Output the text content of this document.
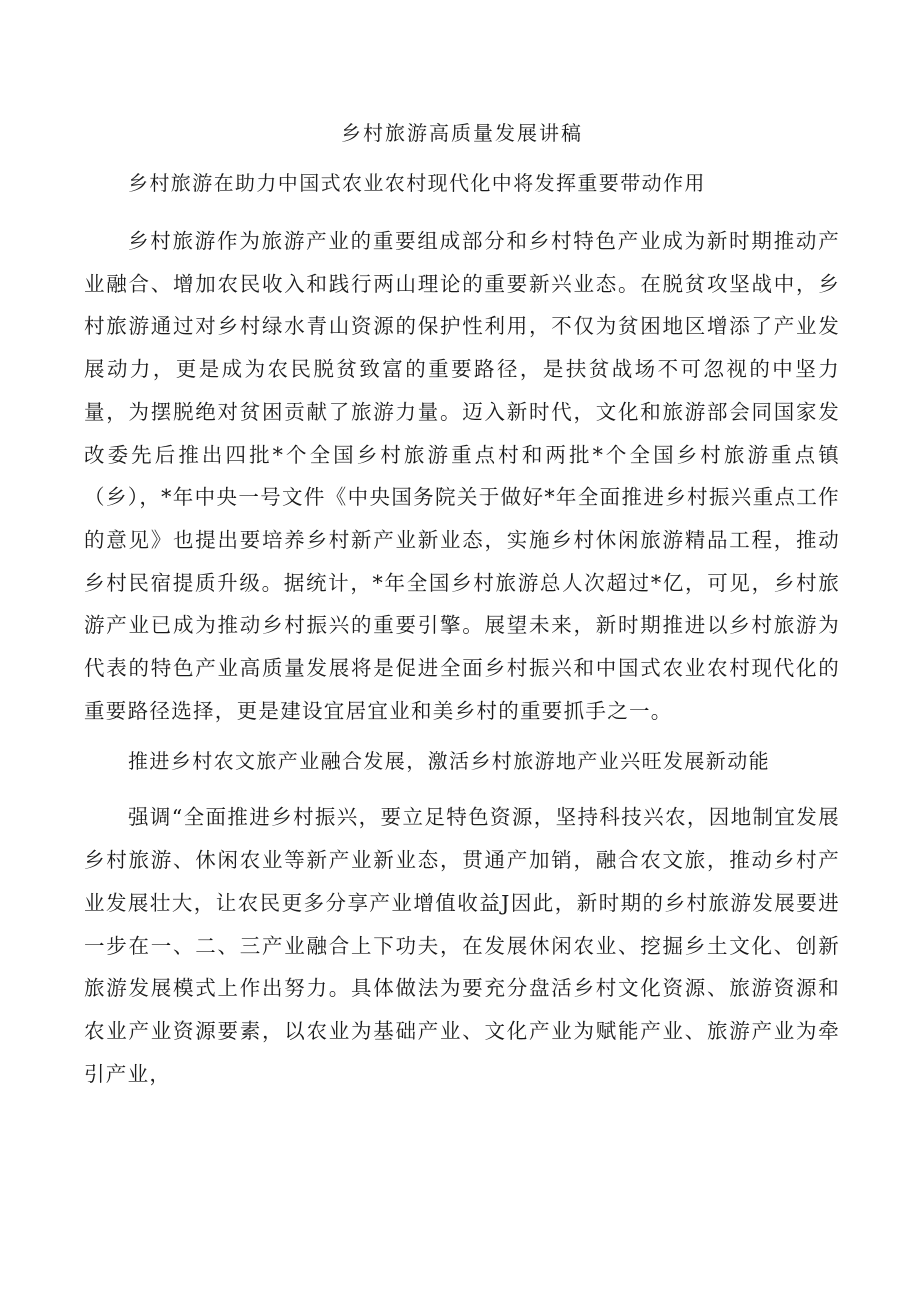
乡村旅游高质量发展讲稿
乡村旅游在助力中国式农业农村现代化中将发挥重要带动作用

乡村旅游作为旅游产业的重要组成部分和乡村特色产业成为新时期推动产业融合、增加农民收入和践行两山理论的重要新兴业态。在脱贫攻坚战中，乡村旅游通过对乡村绿水青山资源的保护性利用，不仅为贫困地区增添了产业发展动力，更是成为农民脱贫致富的重要路径，是扶贫战场不可忽视的中坚力量，为摆脱绝对贫困贡献了旅游力量。迈入新时代，文化和旅游部会同国家发改委先后推出四批*个全国乡村旅游重点村和两批*个全国乡村旅游重点镇（乡），*年中央一号文件《中央国务院关于做好*年全面推进乡村振兴重点工作的意见》也提出要培养乡村新产业新业态，实施乡村休闲旅游精品工程，推动乡村民宿提质升级。据统计，*年全国乡村旅游总人次超过*亿，可见，乡村旅游产业已成为推动乡村振兴的重要引擎。展望未来，新时期推进以乡村旅游为代表的特色产业高质量发展将是促进全面乡村振兴和中国式农业农村现代化的重要路径选择，更是建设宜居宜业和美乡村的重要抓手之一。

推进乡村农文旅产业融合发展，激活乡村旅游地产业兴旺发展新动能

强调“全面推进乡村振兴，要立足特色资源，坚持科技兴农，因地制宜发展乡村旅游、休闲农业等新产业新业态，贯通产加销，融合农文旅，推动乡村产业发展壮大，让农民更多分享产业增值收益J因此，新时期的乡村旅游发展要进一步在一、二、三产业融合上下功夫，在发展休闲农业、挖掘乡土文化、创新旅游发展模式上作出努力。具体做法为要充分盘活乡村文化资源、旅游资源和农业产业资源要素，以农业为基础产业、文化产业为赋能产业、旅游产业为牵引产业，
